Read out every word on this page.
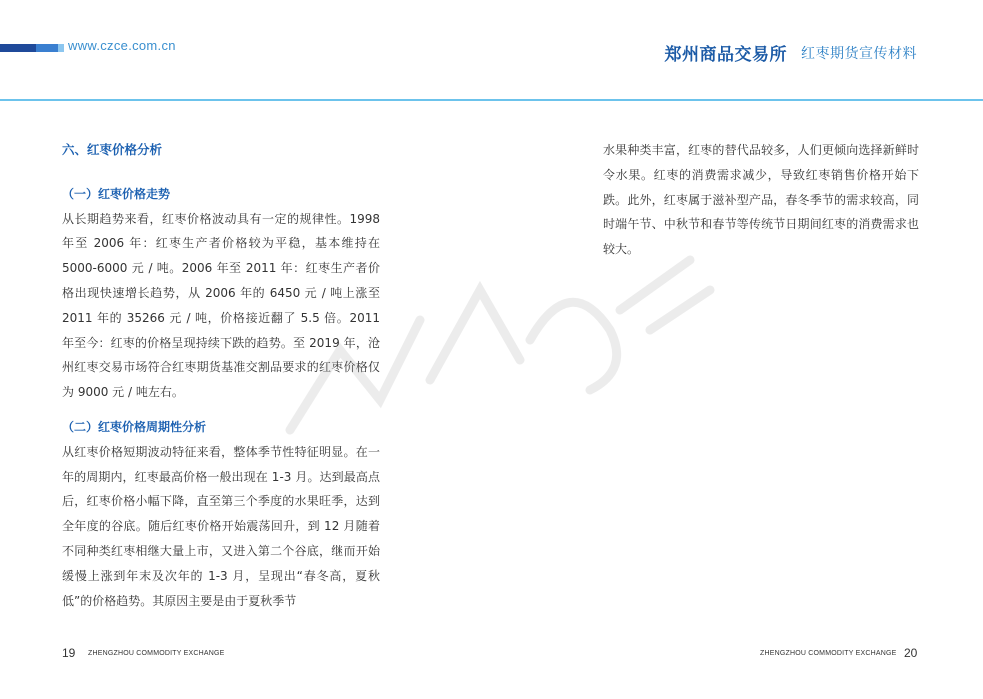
www.czce.com.cn	郑州商品交易所 红枣期货宣传材料

六、红枣价格分析

（一）红枣价格走势

从长期趋势来看，红枣价格波动具有一定的规律性。1998年至 2006 年：红枣生产者价格较为平稳，基本维持在 5000-6000 元 / 吨。2006 年至 2011 年：红枣生产者价格出现快速增长趋势，从 2006 年的 6450 元 / 吨上涨至 2011 年的 35266 元 / 吨，价格接近翻了 5.5 倍。2011 年至今：红枣的价格呈现持续下跌的趋势。至 2019 年，沧州红枣交易市场符合红枣期货基准交割品要求的红枣价格仅为 9000 元 / 吨左右。

（二）红枣价格周期性分析

从红枣价格短期波动特征来看，整体季节性特征明显。在一年的周期内，红枣最高价格一般出现在 1-3 月。达到最高点后，红枣价格小幅下降，直至第三个季度的水果旺季，达到全年度的谷底。随后红枣价格开始震荡回升，到 12 月随着不同种类红枣相继大量上市，又进入第二个谷底，继而开始缓慢上涨到年末及次年的 1-3 月，呈现出“春冬高，夏秋低”的价格趋势。其原因主要是由于夏秋季节

水果种类丰富，红枣的替代品较多，人们更倾向选择新鲜时令水果。红枣的消费需求减少，导致红枣销售价格开始下跌。此外，红枣属于滋补型产品，春冬季节的需求较高，同时端午节、中秋节和春节等传统节日期间红枣的消费需求也较大。

19 ZHENGZHOU COMMODITY EXCHANGE	ZHENGZHOU COMMODITY EXCHANGE 20
